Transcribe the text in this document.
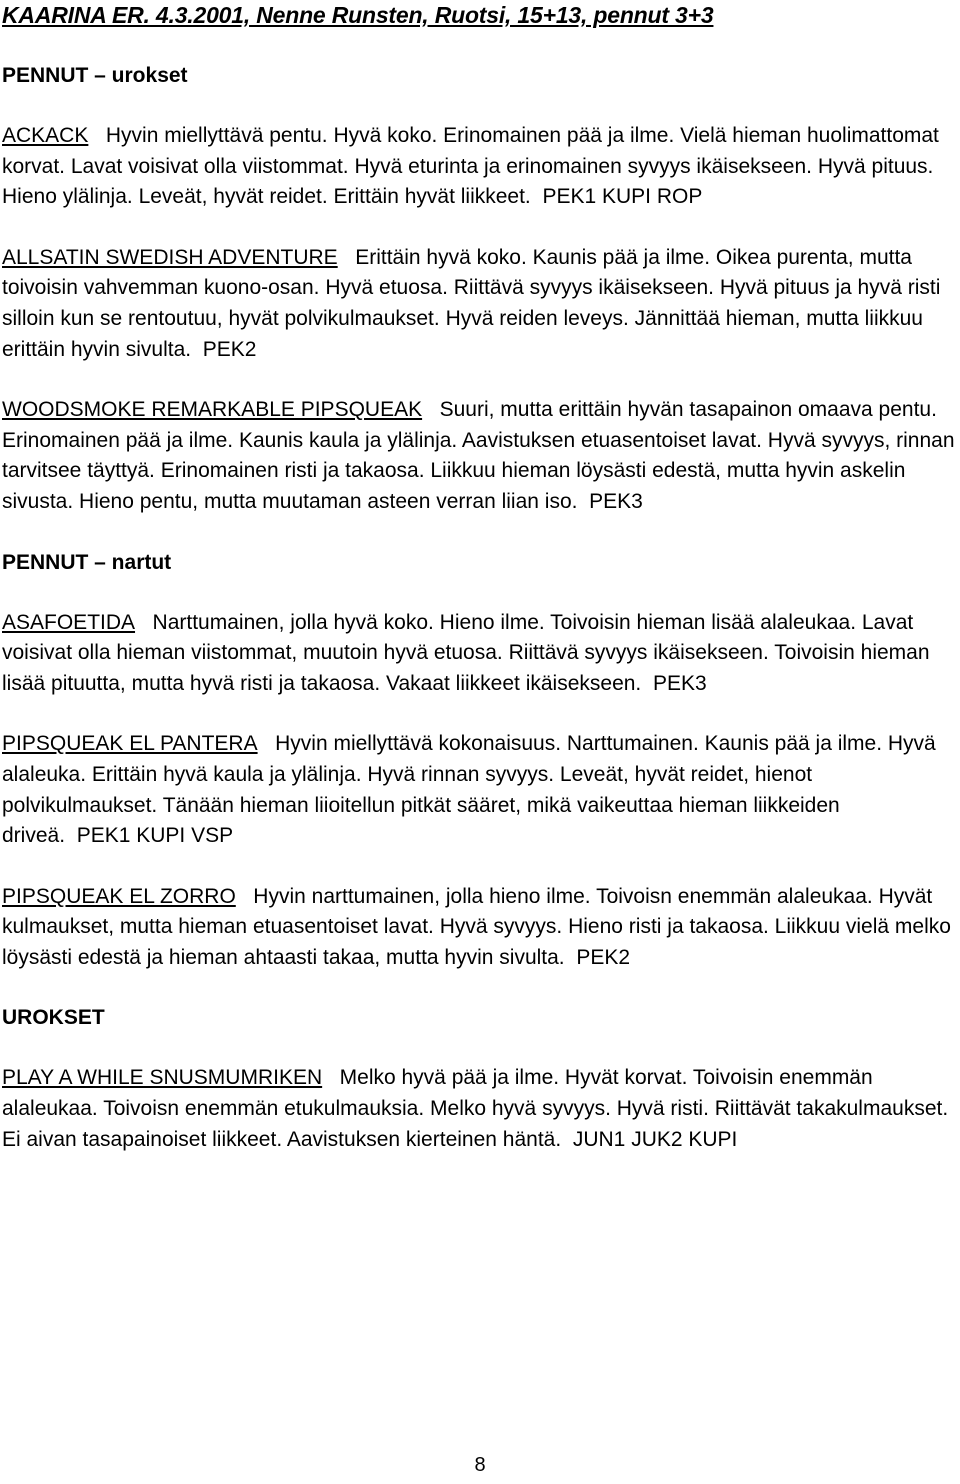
KAARINA ER. 4.3.2001, Nenne Runsten, Ruotsi, 15+13, pennut 3+3
PENNUT – urokset

ACKACK Hyvin miellyttävä pentu. Hyvä koko. Erinomainen pää ja ilme. Vielä hieman huolimattomat korvat. Lavat voisivat olla viistommat. Hyvä eturinta ja erinomainen syvyys ikäisekseen. Hyvä pituus. Hieno ylälinja. Leveät, hyvät reidet. Erittäin hyvät liikkeet. PEK1 KUPI ROP

ALLSATIN SWEDISH ADVENTURE Erittäin hyvä koko. Kaunis pää ja ilme. Oikea purenta, mutta toivoisin vahvemman kuono-osan. Hyvä etuosa. Riittävä syvyys ikäisekseen. Hyvä pituus ja hyvä risti silloin kun se rentoutuu, hyvät polvikulmaukset. Hyvä reiden leveys. Jännittää hieman, mutta liikkuu erittäin hyvin sivulta. PEK2

WOODSMOKE REMARKABLE PIPSQUEAK Suuri, mutta erittäin hyvän tasapainon omaava pentu. Erinomainen pää ja ilme. Kaunis kaula ja ylälinja. Aavistuksen etuasentoiset lavat. Hyvä syvyys, rinnan tarvitsee täyttyä. Erinomainen risti ja takaosa. Liikkuu hieman löysästi edestä, mutta hyvin askelin sivusta. Hieno pentu, mutta muutaman asteen verran liian iso. PEK3

PENNUT – nartut

ASAFOETIDA Narttumainen, jolla hyvä koko. Hieno ilme. Toivoisin hieman lisää alaleukaa. Lavat voisivat olla hieman viistommat, muutoin hyvä etuosa. Riittävä syvyys ikäisekseen. Toivoisin hieman lisää pituutta, mutta hyvä risti ja takaosa. Vakaat liikkeet ikäisekseen. PEK3

PIPSQUEAK EL PANTERA Hyvin miellyttävä kokonaisuus. Narttumainen. Kaunis pää ja ilme. Hyvä alaleuka. Erittäin hyvä kaula ja ylälinja. Hyvä rinnan syvyys. Leveät, hyvät reidet, hienot polvikulmaukset. Tänään hieman liioitellun pitkät sääret, mikä vaikeuttaa hieman liikkeiden driveä. PEK1 KUPI VSP

PIPSQUEAK EL ZORRO Hyvin narttumainen, jolla hieno ilme. Toivoisn enemmän alaleukaa. Hyvät kulmaukset, mutta hieman etuasentoiset lavat. Hyvä syvyys. Hieno risti ja takaosa. Liikkuu vielä melko löysästi edestä ja hieman ahtaasti takaa, mutta hyvin sivulta. PEK2

UROKSET

PLAY A WHILE SNUSMUMRIKEN Melko hyvä pää ja ilme. Hyvät korvat. Toivoisin enemmän alaleukaa. Toivoisn enemmän etukulmauksia. Melko hyvä syvyys. Hyvä risti. Riittävät takakulmaukset. Ei aivan tasapainoiset liikkeet. Aavistuksen kierteinen häntä. JUN1 JUK2 KUPI

8
